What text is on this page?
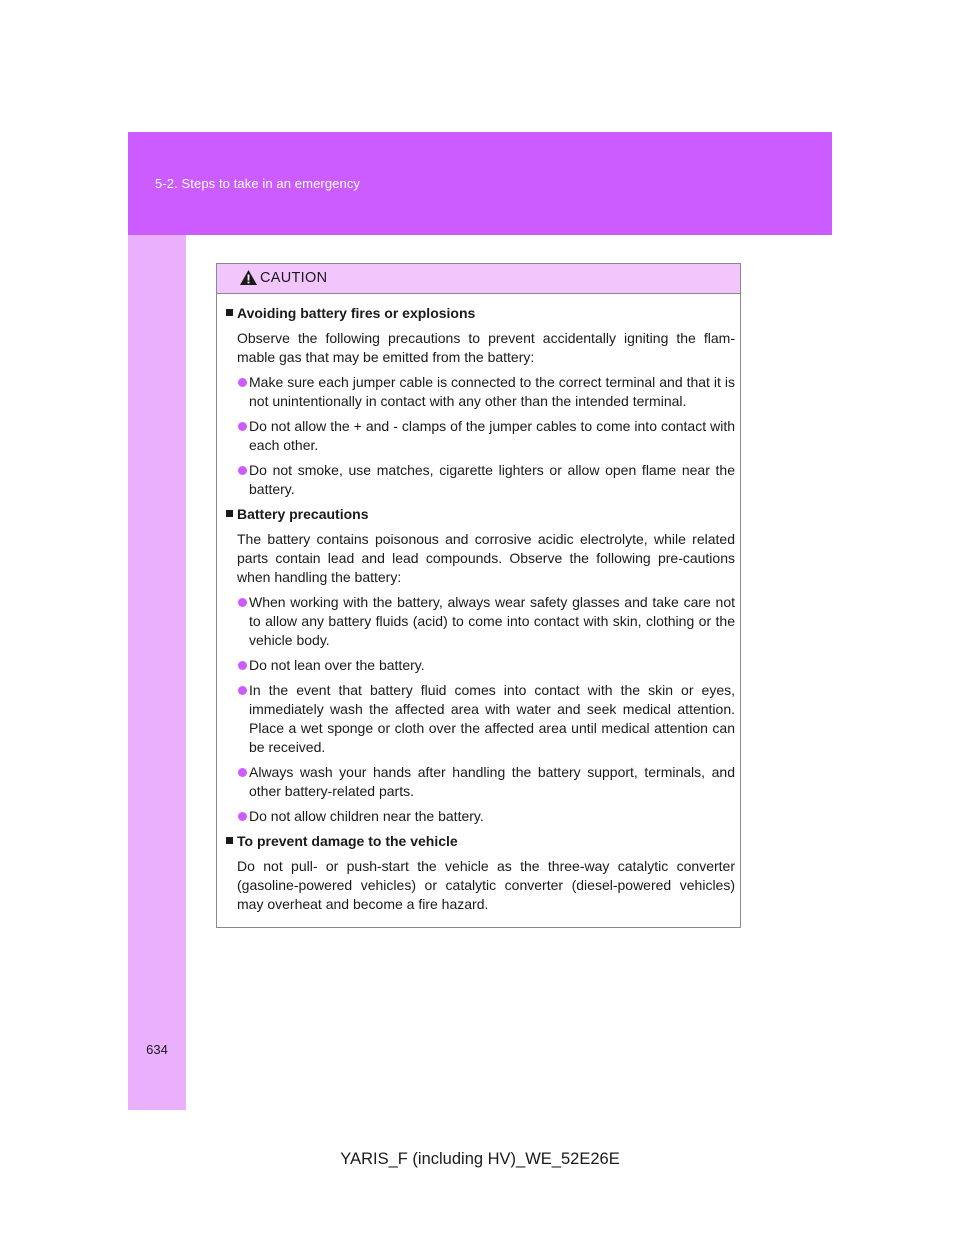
5-2. Steps to take in an emergency
634
CAUTION
Avoiding battery fires or explosions
Observe the following precautions to prevent accidentally igniting the flam-mable gas that may be emitted from the battery:
Make sure each jumper cable is connected to the correct terminal and that it is not unintentionally in contact with any other than the intended terminal.
Do not allow the + and - clamps of the jumper cables to come into contact with each other.
Do not smoke, use matches, cigarette lighters or allow open flame near the battery.
Battery precautions
The battery contains poisonous and corrosive acidic electrolyte, while related parts contain lead and lead compounds. Observe the following pre-cautions when handling the battery:
When working with the battery, always wear safety glasses and take care not to allow any battery fluids (acid) to come into contact with skin, clothing or the vehicle body.
Do not lean over the battery.
In the event that battery fluid comes into contact with the skin or eyes, immediately wash the affected area with water and seek medical attention. Place a wet sponge or cloth over the affected area until medical attention can be received.
Always wash your hands after handling the battery support, terminals, and other battery-related parts.
Do not allow children near the battery.
To prevent damage to the vehicle
Do not pull- or push-start the vehicle as the three-way catalytic converter (gasoline-powered vehicles) or catalytic converter (diesel-powered vehicles) may overheat and become a fire hazard.
YARIS_F (including HV)_WE_52E26E
